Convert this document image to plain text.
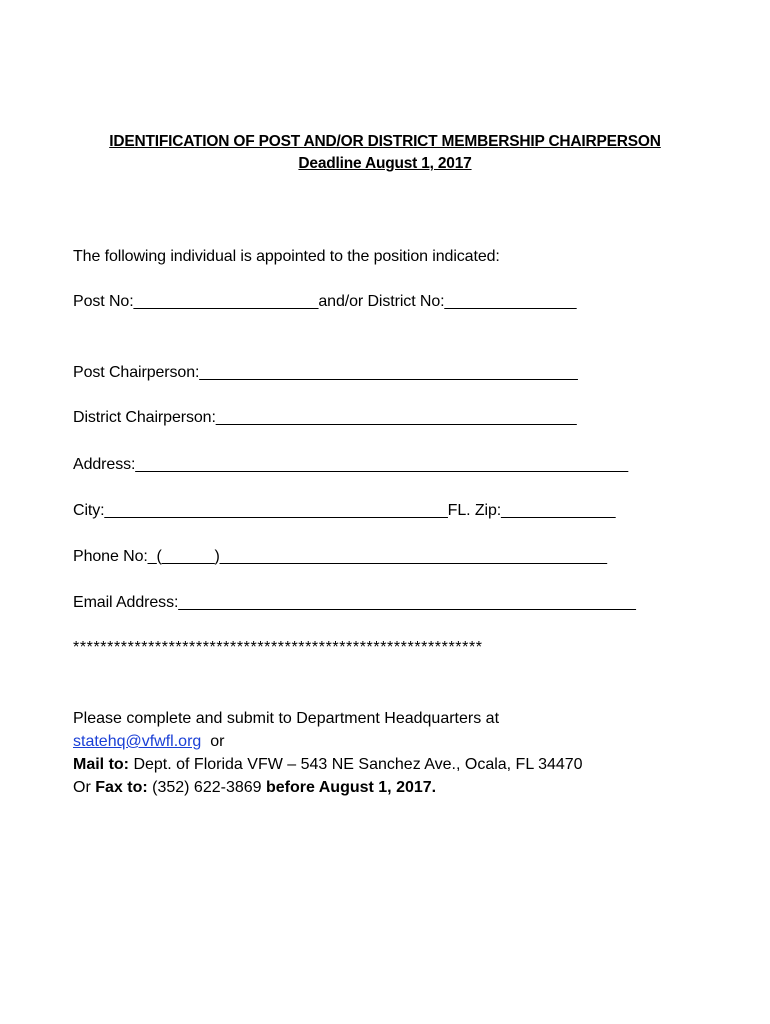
IDENTIFICATION OF POST AND/OR DISTRICT MEMBERSHIP CHAIRPERSON
Deadline August 1, 2017
The following individual is appointed to the position indicated:
Post No:_____________________and/or District No:_______________
Post Chairperson:___________________________________________
District Chairperson:_________________________________________
Address:________________________________________________________
City:_______________________________________FL. Zip:_____________
Phone No:_(______)____________________________________________
Email Address:____________________________________________________
************************************************************
Please complete and submit to Department Headquarters at
statehq@vfwfl.org  or
Mail to: Dept. of Florida VFW – 543 NE Sanchez Ave., Ocala, FL 34470
Or Fax to: (352) 622-3869 before August 1, 2017.
